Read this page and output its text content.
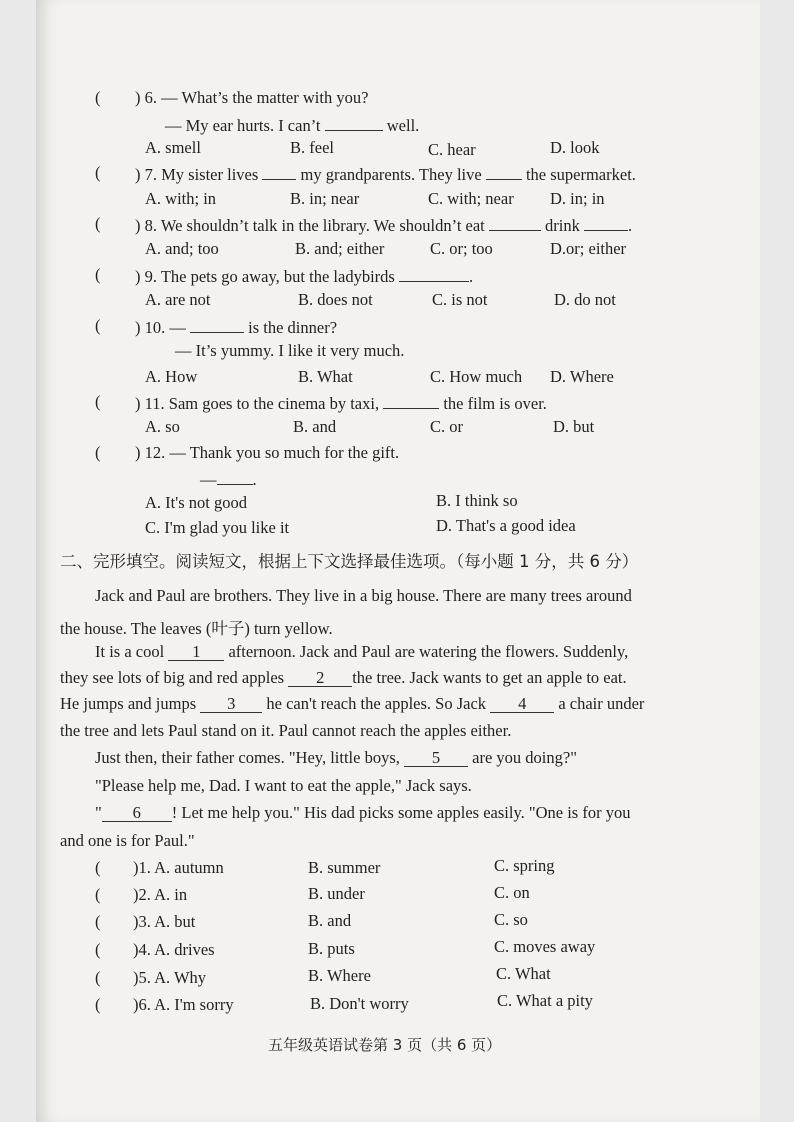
( ) 6. — What’s the matter with you?
— My ear hurts. I can’t	well.
A. smell	B. feel	C. hear	D. look
( ) 7. My sister lives	my grandparents. They live	the supermarket.
A. with; in	B. in; near	C. with; near D. in; in
( ) 8. We shouldn’t talk in the library. We shouldn’t eat	drink	.
A. and; too	B. and; either	C. or; too	D.or; either
( ) 9. The pets go away, but the ladybirds	.
A. are not	B. does not	C. is not	D. do not
( ) 10. —	is the dinner?
— It’s yummy. I like it very much.
A. How	B. What	C. How much D. Where
( ) 11. Sam goes to the cinema by taxi,	the film is over.
A. so	B. and	C. or	D. but
( ) 12. — Thank you so much for the gift.
— .
A. It's not good	B. I think so
C. I'm glad you like it	D. That's a good idea
二、完形填空。阅读短文，根据上下文选择最佳选项。（每小题 1 分，共 6 分）
Jack and Paul are brothers. They live in a big house. There are many trees around
the house. The leaves (叶子) turn yellow.
It is a cool 1 afternoon. Jack and Paul are watering the flowers. Suddenly,
they see lots of big and red apples 2 the tree. Jack wants to get an apple to eat.
He jumps and jumps 3 he can't reach the apples. So Jack 4 a chair under
the tree and lets Paul stand on it. Paul cannot reach the apples either.
Just then, their father comes. "Hey, little boys, 5 are you doing?"
"Please help me, Dad. I want to eat the apple," Jack says.
" 6 ! Let me help you." His dad picks some apples easily. "One is for you
and one is for Paul."
( )1. A. autumn	B. summer	C. spring
( )2. A. in	B. under	C. on
( )3. A. but	B. and	C. so
( )4. A. drives	B. puts	C. moves away
( )5. A. Why	B. Where	C. What
( )6. A. I'm sorry	B. Don't worry	C. What a pity
五年级英语试卷第 3 页（共 6 页）
